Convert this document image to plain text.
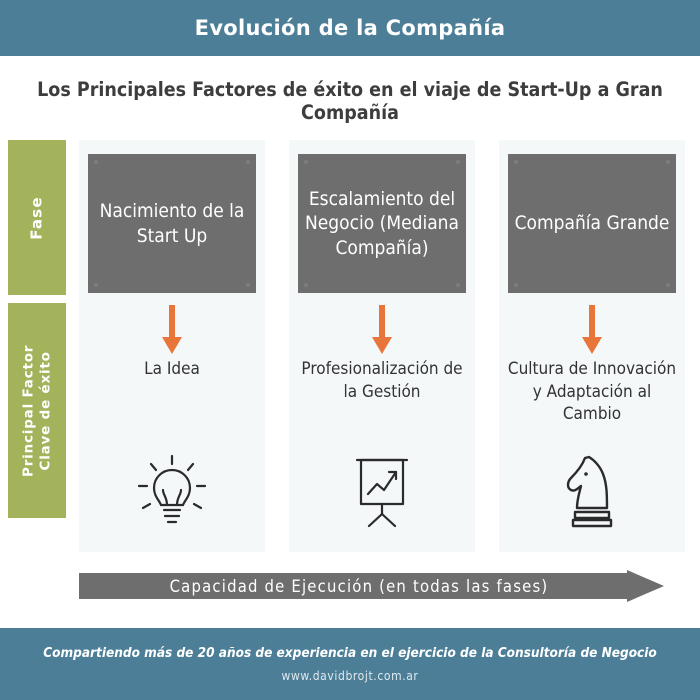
Evolución de la Compañía
Los Principales Factores de éxito en el viaje de Start-Up a Gran Compañía
Fase
Principal Factor Clave de éxito
Nacimiento de la Start Up
La Idea
Escalamiento del Negocio (Mediana Compañía)
Profesionalización de la Gestión
Compañía Grande
Cultura de Innovación y Adaptación al Cambio
Capacidad de Ejecución (en todas las fases)
Compartiendo más de 20 años de experiencia en el ejercicio de la Consultoría de Negocio
www.davidbrojt.com.ar
